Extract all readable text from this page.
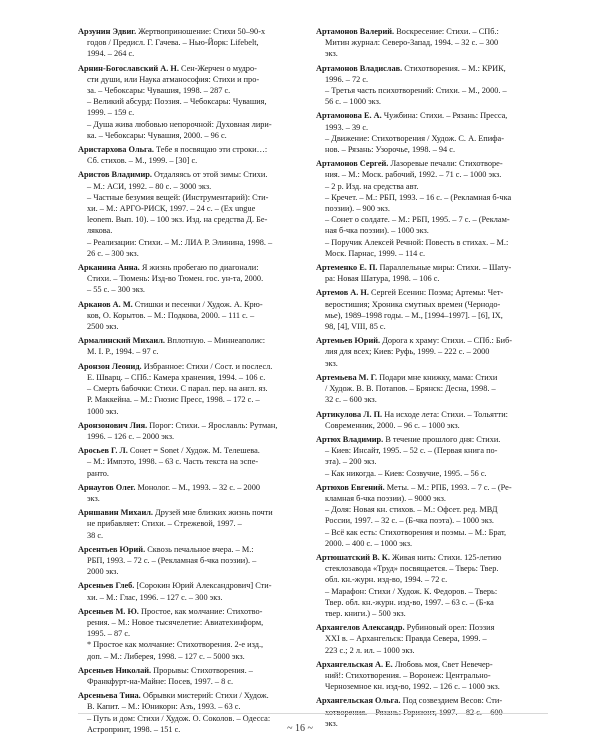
Арзунин Эдвиг. Жертвоприношение: Стихи 50–90-х
годов / Предисл. Г. Гачева. – Нью-Йорк: Lifebelt,
1994. – 264 с.
Арнин-Богославский А. Н. Сен-Жерчен о мудро-
сти души, или Наука атманософия: Стихи и про-
за. – Чебоксары: Чувашия, 1998. – 287 с.
– Великий абсурд: Поэзия. – Чебоксары: Чувашия,
1999. – 159 с.
– Душа жива любовью непорочной: Духовная лири-
ка. – Чебоксары: Чувашия, 2000. – 96 с.
Аристархова Ольга. Тебе я посвящаю эти строки…:
Сб. стихов. – М., 1999. – [30] с.
Аристов Владимир. Отдаляясь от этой зимы: Стихи.
– М.: АСИ, 1992. – 80 с. – 3000 экз.
– Частные безумия вещей: (Инструментарий): Сти-
хи. – М.: АРГО-РИСК, 1997. – 24 с. – (Ex ungue
leonem. Вып. 10). – 100 экз. Изд. на средства Д. Бе-
лякова.
– Реализации: Стихи. – М.: ЛИА Р. Элинина, 1998. –
26 с. – 300 экз.
Арканина Анна. Я жизнь пробегаю по диагонали:
Стихи. – Тюмень: Изд-во Тюмен. гос. ун-та, 2000.
– 55 с. – 300 экз.
Арканов А. М. Стишки и песенки / Худож. А. Крю-
ков, О. Корытов. – М.: Подкова, 2000. – 111 с. –
2500 экз.
Армалинский Михаил. Вплотную. – Миннеаполис:
М. I. P., 1994. – 97 с.
Аронзон Леонид. Избранное: Стихи / Сост. и послесл.
Е. Шварц. – СПб.: Камера хранения, 1994. – 106 с.
– Смерть бабочки: Стихи. С парал. пер. на англ. яз.
Р. Маккейна. – М.: Гнозис Пресс, 1998. – 172 с. –
1000 экз.
Аронзонович Лия. Порог: Стихи. – Ярославль: Рутман,
1996. – 126 с. – 2000 экз.
Аросьев Г. Л. Сонет = Sonet / Худож. М. Телешева.
– М.: Импэто, 1998. – 63 с. Часть текста на эспе-
ранто.
Арнаутов Олег. Монолог. – М., 1993. – 32 с. – 2000
экз.
Арншавин Михаил. Друзей мне близких жизнь почти
не прибавляет: Стихи. – Стрежевой, 1997. –
38 с.
Арсентьев Юрий. Сквозь печальное вчера. – М.:
РБП, 1993. – 72 с. – (Рекламная б-чка поэзии). –
2000 экз.
Арсеньев Глеб. [Сорокин Юрий Александрович] Сти-
хи. – М.: Глас, 1996. – 127 с. – 300 экз.
Арсеньев М. Ю. Простое, как молчание: Стихотво-
рения. – М.: Новое тысячелетие: Авиатехинформ,
1995. – 87 с.
* Простое как молчание: Стихотворения. 2-е изд.,
доп. – М.: Либерея, 1998. – 127 с. – 5000 экз.
Арсеньев Николай. Прорывы: Стихотворения. –
Франкфурт-на-Майне: Посев, 1997. – 8 с.
Арсеньева Тина. Обрывки мистерий: Стихи / Худож.
В. Капит. – М.: Юникорн: Азъ, 1993. – 63 с.
– Путь и дом: Стихи / Худож. О. Соколов. – Одесса:
Астропринт, 1998. – 151 с.
Артамонов Валерий. Воскресение: Стихи. – СПб.:
Митин журнал: Северо-Запад, 1994. – 32 с. – 300
экз.
Артамонов Владислав. Стихотворения. – М.: КРИК,
1996. – 72 с.
– Третья часть психотворений: Стихи. – М., 2000. –
56 с. – 1000 экз.
Артамонова Е. А. Чужбина: Стихи. – Рязань: Пресса,
1993. – 39 с.
– Движение: Стихотворения / Худож. С. А. Епифа-
нов. – Рязань: Узорочье, 1998. – 94 с.
Артамонов Сергей. Лазоревые печали: Стихотворе-
ния. – М.: Моск. рабочий, 1992. – 71 с. – 1000 экз.
– 2 р. Изд. на средства авт.
– Кречет. – М.: РБП, 1993. – 16 с. – (Рекламная б-чка
поэзии). – 900 экз.
– Сонет о солдате. – М.: РБП, 1995. – 7 с. – (Реклам-
ная б-чка поэзии). – 1000 экз.
– Поручик Алексей Речной: Повесть в стихах. – М.:
Моск. Парнас, 1999. – 114 с.
Артеменко Е. П. Параллельные миры: Стихи. – Шату-
ра: Новая Шатура, 1998. – 106 с.
Артемов А. Н. Сергей Есенин: Поэма; Артемы: Чет-
веростишия; Хроника смутных времен (Чернодо-
мье), 1989–1998 годы. – М., [1994–1997]. – [6], IX,
98, [4], VIII, 85 с.
Артемьев Юрий. Дорога к храму: Стихи. – СПб.: Биб-
лия для всех; Киев: Руфь, 1999. – 222 с. – 2000
экз.
Артемьева М. Г. Подари мне книжку, мама: Стихи
/ Худож. В. В. Потапов. – Брянск: Десна, 1998. –
32 с. – 600 экз.
Артикулова Л. П. На исходе лета: Стихи. – Тольятти:
Современник, 2000. – 96 с. – 1000 экз.
Артюх Владимир. В течение прошлого дня: Стихи.
– Киев: Инсайт, 1995. – 52 с. – (Первая книга по-
эта). – 200 экз.
– Как никогда. – Киев: Созвучие, 1995. – 56 с.
Артюхов Евгений. Меты. – М.: РПБ, 1993. – 7 с. – (Ре-
кламная б-чка поэзии). – 9000 экз.
– Доля: Новая кн. стихов. – М.: Офсет. ред. МВД
России, 1997. – 32 с. – (Б-чка поэта). – 1000 экз.
– Всё как есть: Стихотворения и поэмы. – М.: Брат,
2000. – 400 с. – 1000 экз.
Артюшатский В. К. Живая нить: Стихи. 125-летию
стеклозавода «Труд» посвящается. – Тверь: Твер.
обл. кн.-журн. изд-во, 1994. – 72 с.
– Марафон: Стихи / Худож. К. Федоров. – Тверь:
Твер. обл. кн.-журн. изд-во, 1997. – 63 с. – (Б-ка
твер. книги.) – 500 экз.
Архангелов Александр. Рубиновый орел: Поэзия
XXI в. – Архангельск: Правда Севера, 1999. –
223 с.; 2 л. ил. – 1000 экз.
Архангельская А. Е. Любовь моя, Свет Невечер-
ний!: Стихотворения. – Воронеж: Центрально-
Черноземное кн. изд-во, 1992. – 126 с. – 1000 экз.
Архангельская Ольга. Под созвездием Весов: Сти-
хотворения. – Рязань: Горизонт, 1997. – 82 с. – 600
экз.
~ 16 ~
